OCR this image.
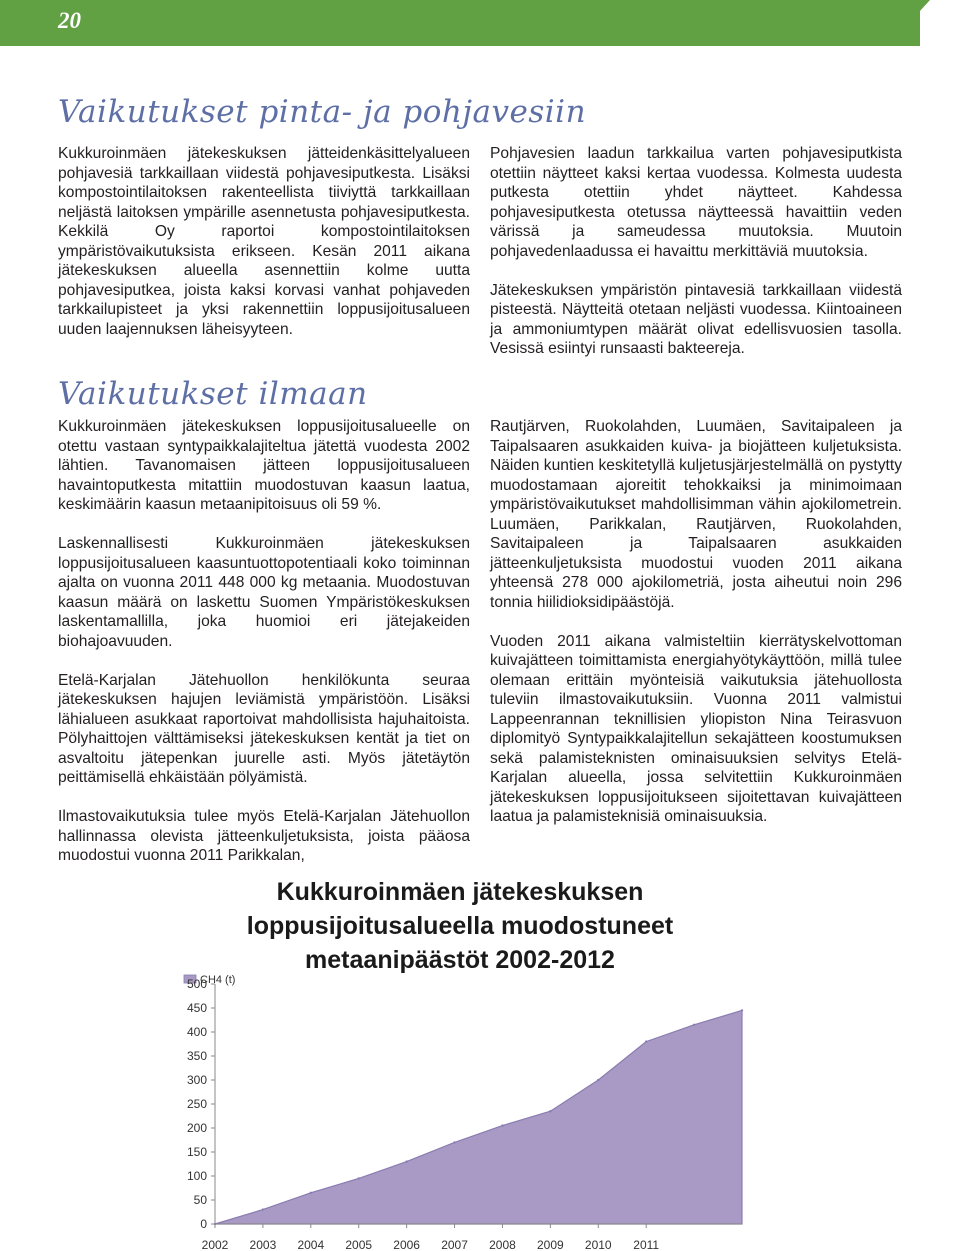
20
Vaikutukset pinta- ja pohjavesiin

Kukkuroinmäen jätekeskuksen jätteidenkäsittelyalueen pohjavesiä tarkkaillaan viidestä pohjavesiputkesta. Lisäksi kompostointilaitoksen rakenteellista tiiviyttä tarkkaillaan neljästä laitoksen ympärille asennetusta pohjavesiputkesta. Kekkilä Oy raportoi kompostointilaitoksen ympäristövaikutuksista erikseen. Kesän 2011 aikana jätekeskuksen alueella asennettiin kolme uutta pohjavesiputkea, joista kaksi korvasi vanhat pohjaveden tarkkailupisteet ja yksi rakennettiin loppusijoitusalueen uuden laajennuksen läheisyyteen.

Pohjavesien laadun tarkkailua varten pohjavesiputkista otettiin näytteet kaksi kertaa vuodessa. Kolmesta uudesta putkesta otettiin yhdet näytteet. Kahdessa pohjavesiputkesta otetussa näytteessä havaittiin veden värissä ja sameudessa muutoksia. Muutoin pohjavedenlaadussa ei havaittu merkittäviä muutoksia.

Jätekeskuksen ympäristön pintavesiä tarkkaillaan viidestä pisteestä. Näytteitä otetaan neljästi vuodessa. Kiintoaineen ja ammoniumtypen määrät olivat edellisvuosien tasolla. Vesissä esiintyi runsaasti bakteereja.

Vaikutukset ilmaan

Kukkuroinmäen jätekeskuksen loppusijoitusalueelle on otettu vastaan syntypaikkalajiteltua jätettä vuodesta 2002 lähtien. Tavanomaisen jätteen loppusijoitusalueen havaintoputkesta mitattiin muodostuvan kaasun laatua, keskimäärin kaasun metaanipitoisuus oli 59 %.

Laskennallisesti Kukkuroinmäen jätekeskuksen loppusijoitusalueen kaasuntuottopotentiaali koko toiminnan ajalta on vuonna 2011 448 000 kg metaania. Muodostuvan kaasun määrä on laskettu Suomen Ympäristökeskuksen laskentamallilla, joka huomioi eri jätejakeiden biohajoavuuden.

Etelä-Karjalan Jätehuollon henkilökunta seuraa jätekeskuksen hajujen leviämistä ympäristöön. Lisäksi lähialueen asukkaat raportoivat mahdollisista hajuhaitoista. Pölyhaittojen välttämiseksi jätekeskuksen kentät ja tiet on asvaltoitu jätepenkan juurelle asti. Myös jätetäytön peittämisellä ehkäistään pölyämistä.

Ilmastovaikutuksia tulee myös Etelä-Karjalan Jätehuollon hallinnassa olevista jätteenkuljetuksista, joista pääosa muodostui vuonna 2011 Parikkalan,

Rautjärven, Ruokolahden, Luumäen, Savitaipaleen ja Taipalsaaren asukkaiden kuiva- ja biojätteen kuljetuksista. Näiden kuntien keskitetyllä kuljetusjärjestelmällä on pystytty muodostamaan ajoreitit tehokkaiksi ja minimoimaan ympäristövaikutukset mahdollisimman vähin ajokilometrein. Luumäen, Parikkalan, Rautjärven, Ruokolahden, Savitaipaleen ja Taipalsaaren asukkaiden jätteenkuljetuksista muodostui vuoden 2011 aikana yhteensä 278 000 ajokilometriä, josta aiheutui noin 296 tonnia hiilidioksidipäästöjä.

Vuoden 2011 aikana valmisteltiin kierrätyskelvottoman kuivajätteen toimittamista energiahyötykäyttöön, millä tulee olemaan erittäin myönteisiä vaikutuksia jätehuollosta tuleviin ilmastovaikutuksiin. Vuonna 2011 valmistui Lappeenrannan teknillisien yliopiston Nina Teirasvuon diplomityö Syntypaikkalajitellun sekajätteen koostumuksen sekä palamisteknisten ominaisuuksien selvitys Etelä-Karjalan alueella, jossa selvitettiin Kukkuroinmäen jätekeskuksen loppusijoitukseen sijoitettavan kuivajätteen laatua ja palamisteknisiä ominaisuuksia.

Kukkuroinmäen jätekeskuksen
loppusijoitusalueella muodostuneet
metaanipäästöt 2002-2012
CH4 (t)
0
50
100
150
200
250
300
350
400
450
500
2002 2003 2004 2005 2006 2007 2008 2009 2010 2011
